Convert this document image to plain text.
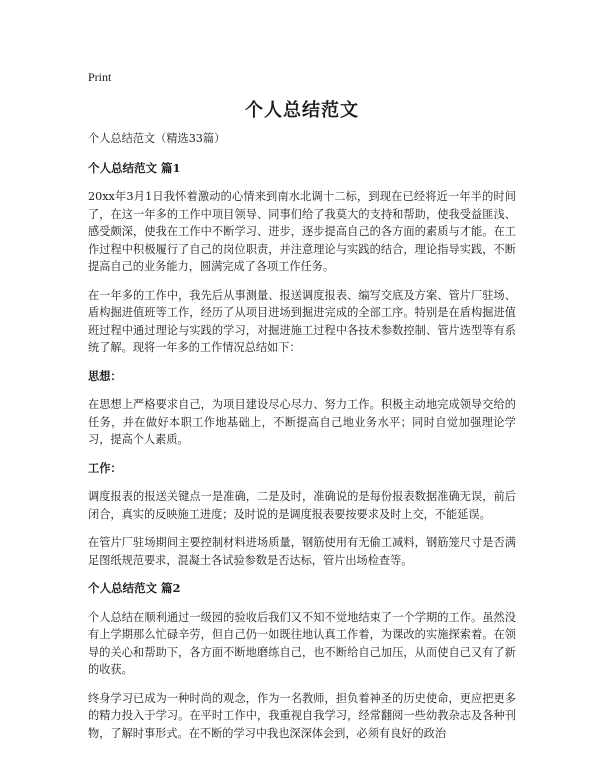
Print
个人总结范文

个人总结范文（精选33篇）

个人总结范文 篇1

20xx年3月1日我怀着激动的心情来到南水北调十二标，到现在已经将近一年半的时间了，在这一年多的工作中项目领导、同事们给了我莫大的支持和帮助，使我受益匪浅、感受颇深，使我在工作中不断学习、进步，逐步提高自己的各方面的素质与才能。在工作过程中积极履行了自己的岗位职责，并注意理论与实践的结合，理论指导实践，不断提高自己的业务能力，圆满完成了各项工作任务。

在一年多的工作中，我先后从事测量、报送调度报表、编写交底及方案、管片厂驻场、盾构掘进值班等工作，经历了从项目进场到掘进完成的全部工序。特别是在盾构掘进值班过程中通过理论与实践的学习，对掘进施工过程中各技术参数控制、管片选型等有系统了解。现将一年多的工作情况总结如下：

思想：

在思想上严格要求自己，为项目建设尽心尽力、努力工作。积极主动地完成领导交给的任务，并在做好本职工作地基础上，不断提高自己地业务水平；同时自觉加强理论学习，提高个人素质。

工作：

调度报表的报送关键点一是准确，二是及时，准确说的是每份报表数据准确无误，前后闭合，真实的反映施工进度；及时说的是调度报表要按要求及时上交，不能延误。

在管片厂驻场期间主要控制材料进场质量，钢筋使用有无偷工减料，钢筋笼尺寸是否满足图纸规范要求，混凝土各试验参数是否达标，管片出场检查等。

个人总结范文 篇2

个人总结在顺利通过一级园的验收后我们又不知不觉地结束了一个学期的工作。虽然没有上学期那么忙碌辛劳，但自己仍一如既往地认真工作着，为课改的实施探索着。在领导的关心和帮助下，各方面不断地磨练自己，也不断给自己加压，从而使自己又有了新的收获。

终身学习已成为一种时尚的观念，作为一名教师，担负着神圣的历史使命，更应把更多的精力投入于学习。在平时工作中，我重视自我学习，经常翻阅一些幼教杂志及各种刊物，了解时事形式。在不断的学习中我也深深体会到，必须有良好的政治
